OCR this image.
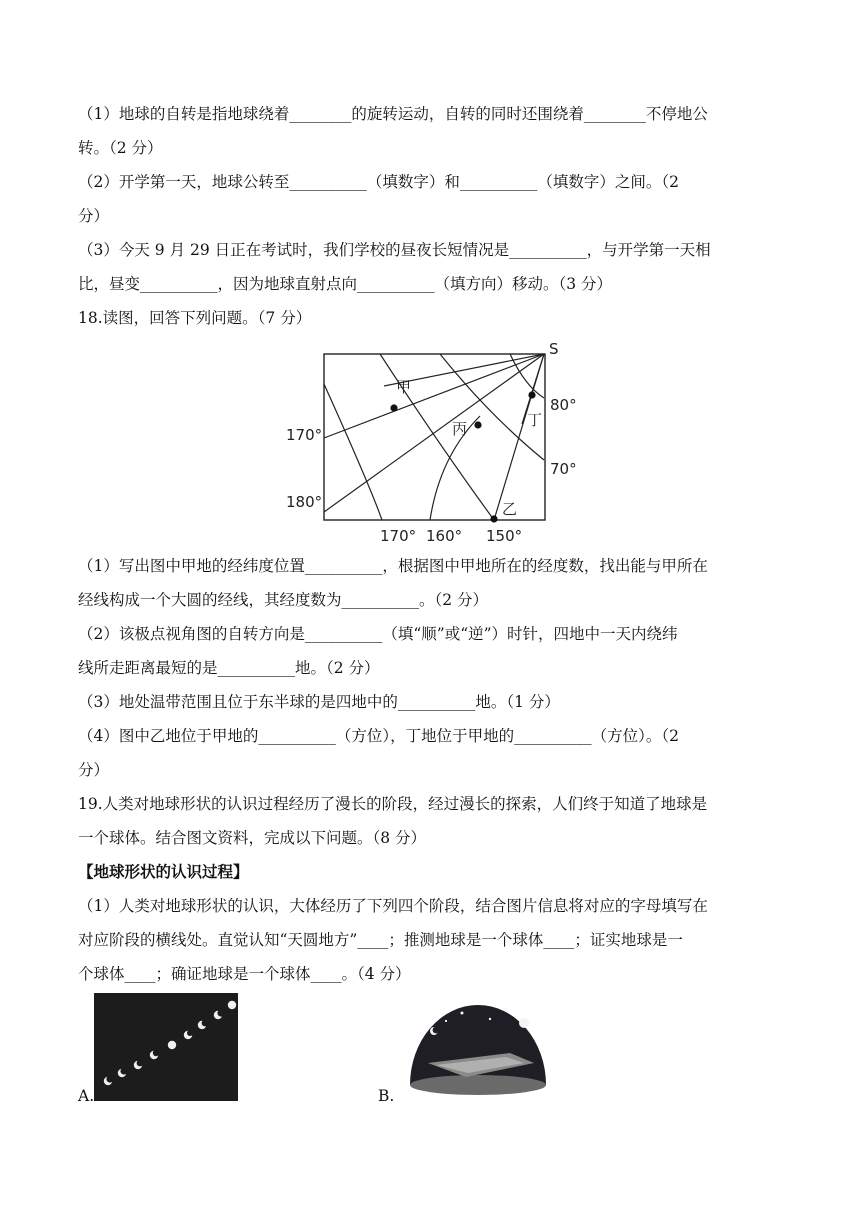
（1）地球的自转是指地球绕着________的旋转运动，自转的同时还围绕着________不停地公
转。（2 分）
（2）开学第一天，地球公转至__________（填数字）和__________（填数字）之间。（2
分）
（3）今天 9 月 29 日正在考试时，我们学校的昼夜长短情况是__________，与开学第一天相
比，昼变__________，因为地球直射点向__________（填方向）移动。（3 分）
18.读图，回答下列问题。（7 分）
S
甲
乙
丙	丁
80°
70°
170°
180°
170° 160° 150°
（1）写出图中甲地的经纬度位置__________，根据图中甲地所在的经度数，找出能与甲所在
经线构成一个大圆的经线，其经度数为__________。（2 分）
（2）该极点视角图的自转方向是__________（填“顺”或“逆”）时针，四地中一天内绕纬
线所走距离最短的是__________地。（2 分）
（3）地处温带范围且位于东半球的是四地中的__________地。（1 分）
（4）图中乙地位于甲地的__________（方位），丁地位于甲地的__________（方位）。（2
分）
19.人类对地球形状的认识过程经历了漫长的阶段，经过漫长的探索，人们终于知道了地球是
一个球体。结合图文资料，完成以下问题。（8 分）
【地球形状的认识过程】
（1）人类对地球形状的认识，大体经历了下列四个阶段，结合图片信息将对应的字母填写在
对应阶段的横线处。直觉认知“天圆地方”____；推测地球是一个球体____；证实地球是一
个球体____；确证地球是一个球体____。（4 分）
A.	B.
